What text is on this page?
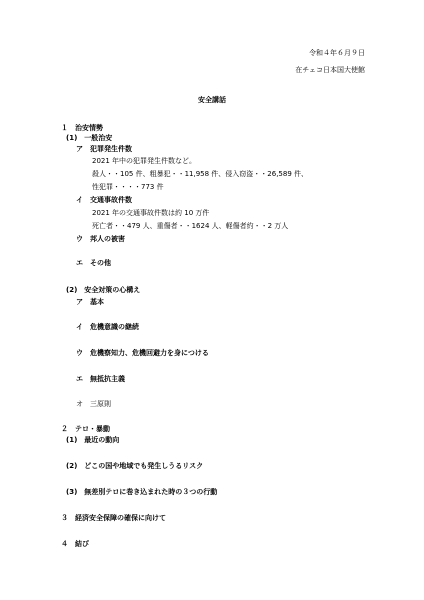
令和４年６月９日
在チェコ日本国大使館
安全講話
１　治安情勢
(1)　一般治安
ア　犯罪発生件数
2021 年中の犯罪発生件数など。
殺人・・105 件、粗暴犯・・11,958 件、侵入窃盗・・26,589 件、
性犯罪・・・・773 件
イ　交通事故件数
2021 年の交通事故件数は約 10 万件
死亡者・・479 人、重傷者・・1624 人、軽傷者約・・2 万人
ウ　邦人の被害
エ　その他
(2)　安全対策の心構え
ア　基本
イ　危機意識の継続
ウ　危機察知力、危機回避力を身につける
エ　無抵抗主義
オ　三原則
２　テロ・暴動
(1)　最近の動向
(2)　どこの国や地域でも発生しうるリスク
(3)　無差別テロに巻き込まれた時の３つの行動
３　経済安全保障の確保に向けて
４　結び
